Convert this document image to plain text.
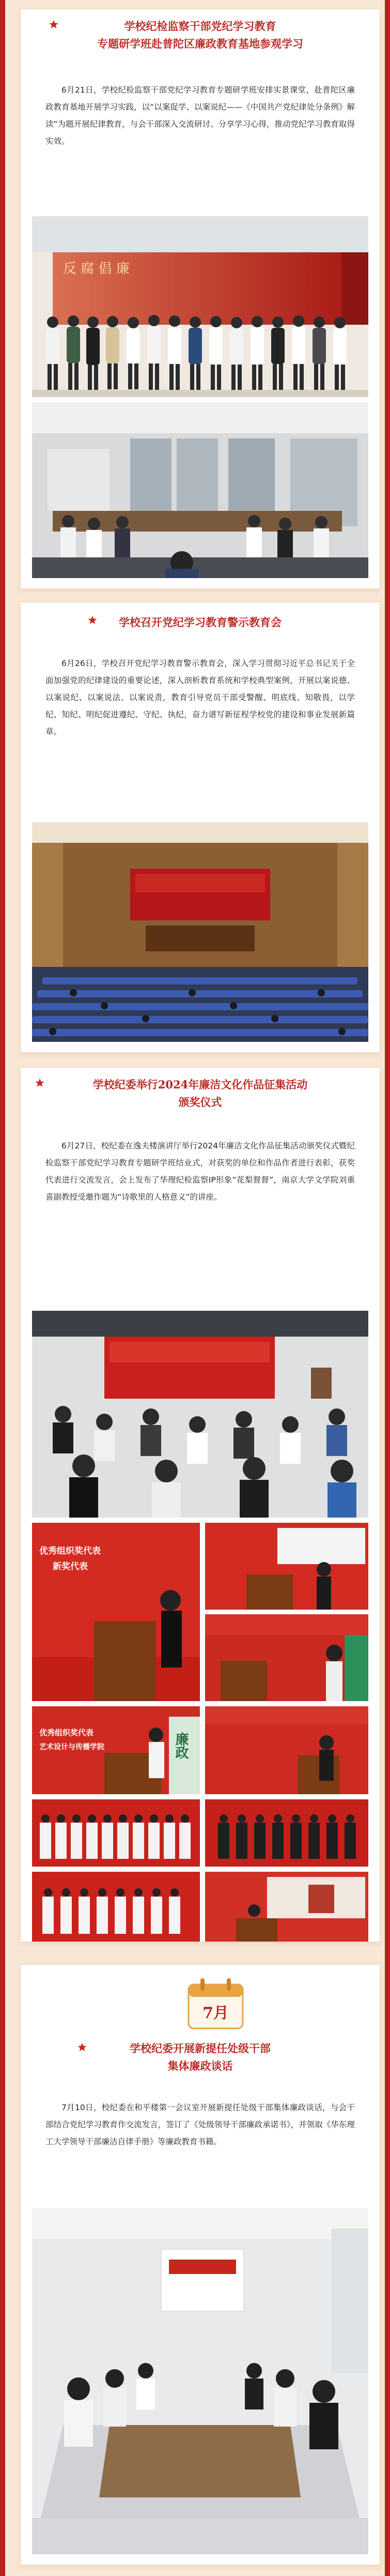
学校纪检监察干部党纪学习教育
专题研学班赴普陀区廉政教育基地参观学习
6月21日，学校纪检监察干部党纪学习教育专题研学班安排实景课堂，赴普陀区廉政教育基地开展学习实践，以“以案促学、以案说纪——《中国共产党纪律处分条例》解读”为题开展纪律教育，与会干部深入交流研讨、分享学习心得，推动党纪学习教育取得实效。
反 腐 倡 廉
学校召开党纪学习教育警示教育会
6月26日，学校召开党纪学习教育警示教育会，深入学习贯彻习近平总书记关于全面加强党的纪律建设的重要论述，深入剖析教育系统和学校典型案例，开展以案说德、以案说纪、以案说法、以案说责，教育引导党员干部受警醒、明底线、知敬畏，以学纪、知纪、明纪促进遵纪、守纪、执纪，奋力谱写新征程学校党的建设和事业发展新篇章。
学校纪委举行2024年廉洁文化作品征集活动
颁奖仪式
6月27日，校纪委在逸夫楼演讲厅举行2024年廉洁文化作品征集活动颁奖仪式暨纪检监察干部党纪学习教育专题研学班结业式，对获奖的单位和作品作者进行表彰，获奖代表进行交流发言，会上发布了华理纪检监察IP形象“花梨督督”，南京大学文学院刘重喜副教授受邀作题为“诗歌里的人格意义”的讲座。
优秀组织奖代表
新奖代表
优秀组织奖代表
艺术设计与传播学院	廉政
7月
学校纪委开展新提任处级干部
集体廉政谈话
7月10日，校纪委在和平楼第一会议室开展新提任处级干部集体廉政谈话，与会干部结合党纪学习教育作交流发言，签订了《处级领导干部廉政承诺书》，并领取《华东理工大学领导干部廉洁自律手册》等廉政教育书籍。
